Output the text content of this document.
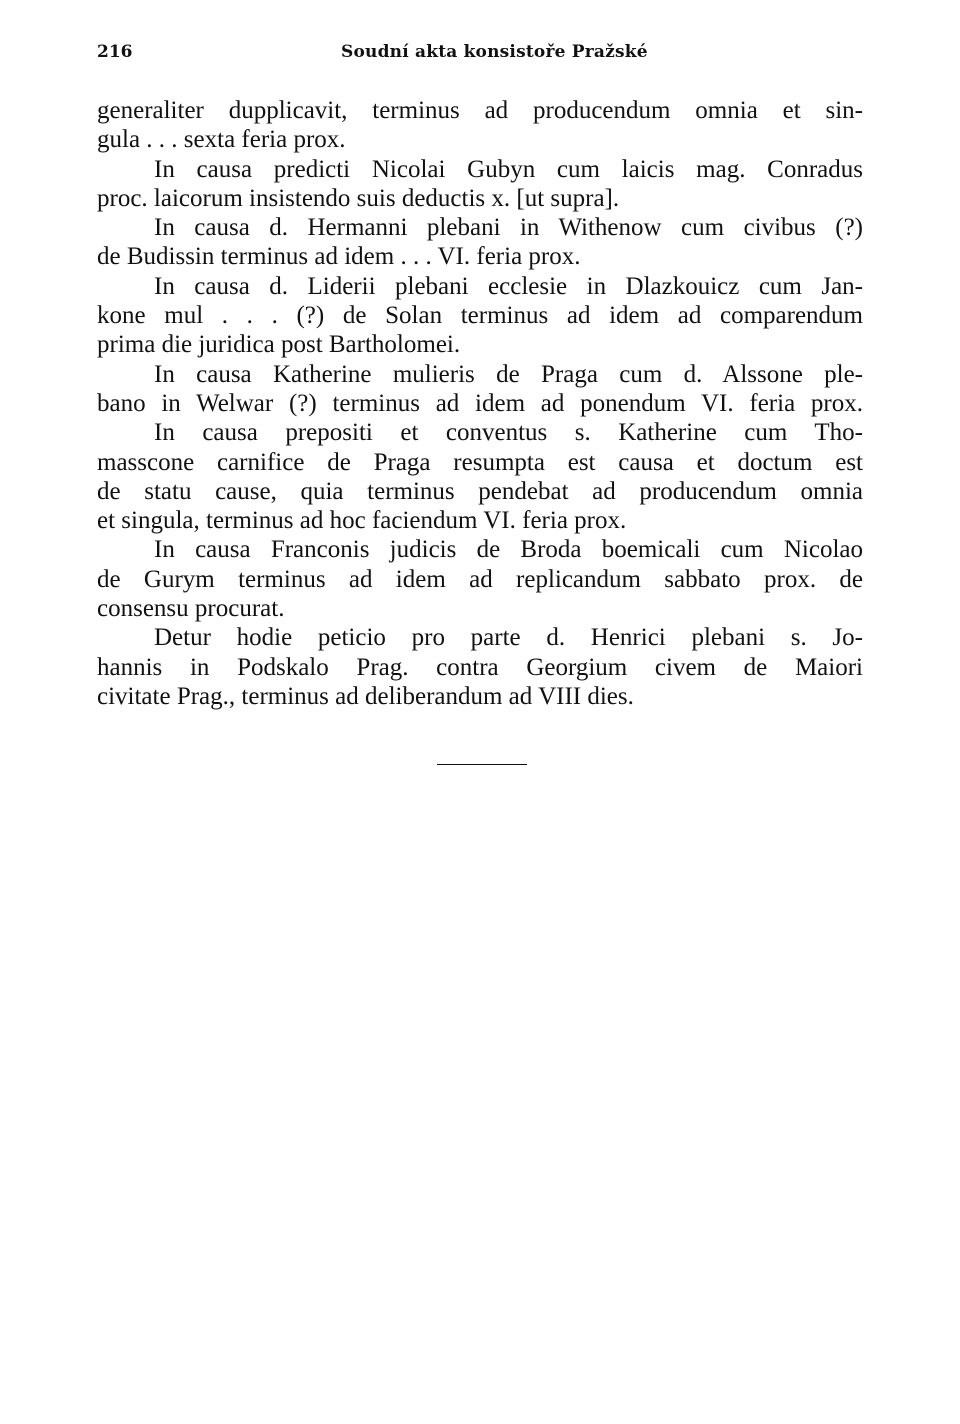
216	Soudní akta konsistoře Pražské
generaliter dupplicavit, terminus ad producendum omnia et sin-
gula . . . sexta feria prox.
In causa predicti Nicolai Gubyn cum laicis mag. Conradus
proc. laicorum insistendo suis deductis x. [ut supra].
In causa d. Hermanni plebani in Withenow cum civibus (?)
de Budissin terminus ad idem . . . VI. feria prox.
In causa d. Liderii plebani ecclesie in Dlazkouicz cum Jan-
kone mul . . . (?) de Solan terminus ad idem ad comparendum
prima die juridica post Bartholomei.
In causa Katherine mulieris de Praga cum d. Alssone ple-
bano in Welwar (?) terminus ad idem ad ponendum VI. feria prox.
In causa prepositi et conventus s. Katherine cum Tho-
masscone carnifice de Praga resumpta est causa et doctum est
de statu cause, quia terminus pendebat ad producendum omnia
et singula, terminus ad hoc faciendum VI. feria prox.
In causa Franconis judicis de Broda boemicali cum Nicolao
de Gurym terminus ad idem ad replicandum sabbato prox. de
consensu procurat.
Detur hodie peticio pro parte d. Henrici plebani s. Jo-
hannis in Podskalo Prag. contra Georgium civem de Maiori
civitate Prag., terminus ad deliberandum ad VIII dies.
